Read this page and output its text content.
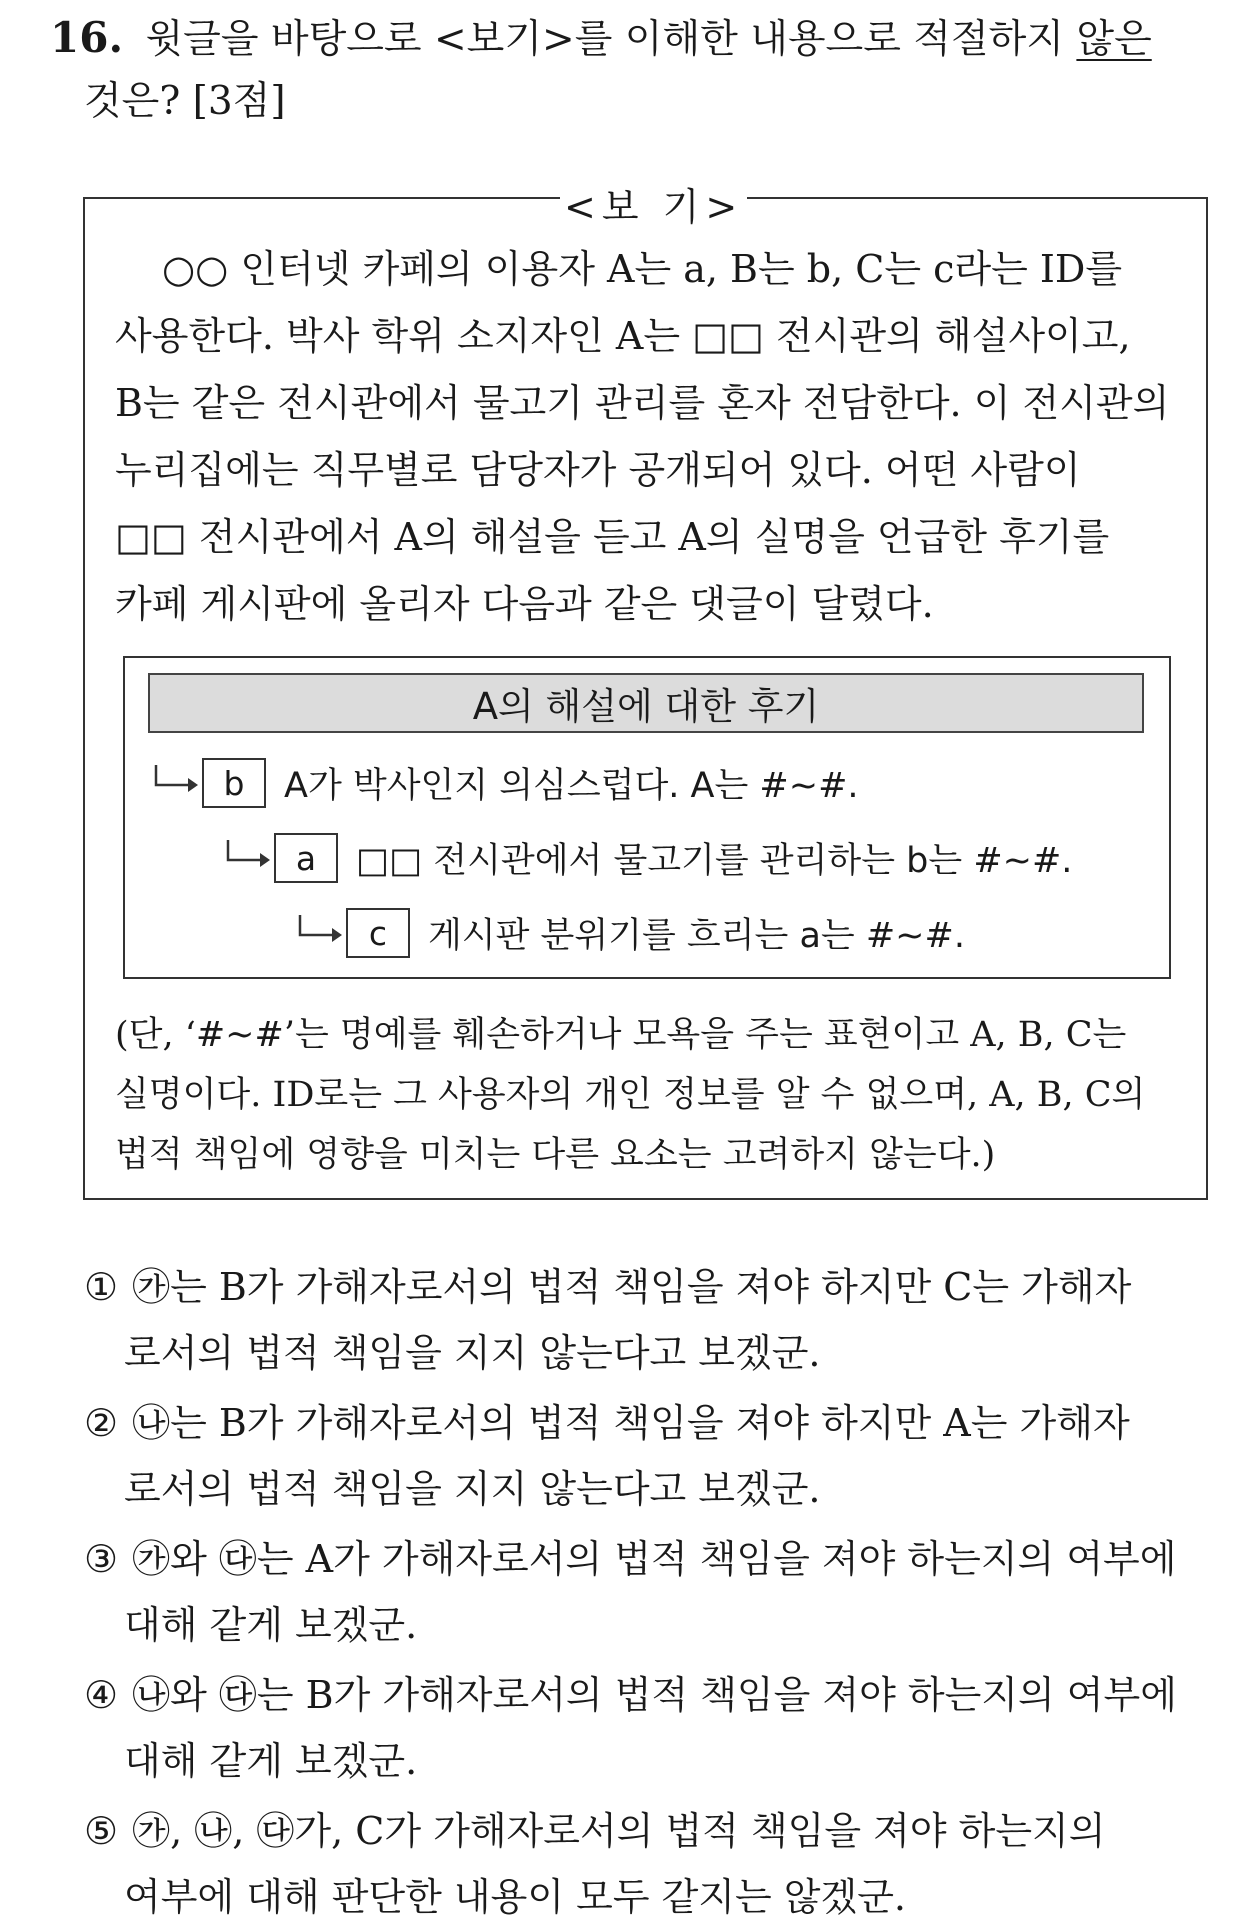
16. 윗글을 바탕으로 <보기>를 이해한 내용으로 적절하지 않은
것은? [3점]
<보 기>
○○ 인터넷 카페의 이용자 A는 a, B는 b, C는 c라는 ID를
사용한다. 박사 학위 소지자인 A는 □□ 전시관의 해설사이고,
B는 같은 전시관에서 물고기 관리를 혼자 전담한다. 이 전시관의
누리집에는 직무별로 담당자가 공개되어 있다. 어떤 사람이
□□ 전시관에서 A의 해설을 듣고 A의 실명을 언급한 후기를
카페 게시판에 올리자 다음과 같은 댓글이 달렸다.
A의 해설에 대한 후기
b	A가 박사인지 의심스럽다. A는 #~#.
a	□□ 전시관에서 물고기를 관리하는 b는 #~#.
c	게시판 분위기를 흐리는 a는 #~#.
(단, ‘#~#’는 명예를 훼손하거나 모욕을 주는 표현이고 A, B, C는
실명이다. ID로는 그 사용자의 개인 정보를 알 수 없으며, A, B, C의
법적 책임에 영향을 미치는 다른 요소는 고려하지 않는다.)
① ㉮는 B가 가해자로서의 법적 책임을 져야 하지만 C는 가해자
로서의 법적 책임을 지지 않는다고 보겠군.
② ㉯는 B가 가해자로서의 법적 책임을 져야 하지만 A는 가해자
로서의 법적 책임을 지지 않는다고 보겠군.
③ ㉮와 ㉰는 A가 가해자로서의 법적 책임을 져야 하는지의 여부에
대해 같게 보겠군.
④ ㉯와 ㉰는 B가 가해자로서의 법적 책임을 져야 하는지의 여부에
대해 같게 보겠군.
⑤ ㉮, ㉯, ㉰가, C가 가해자로서의 법적 책임을 져야 하는지의
여부에 대해 판단한 내용이 모두 같지는 않겠군.
